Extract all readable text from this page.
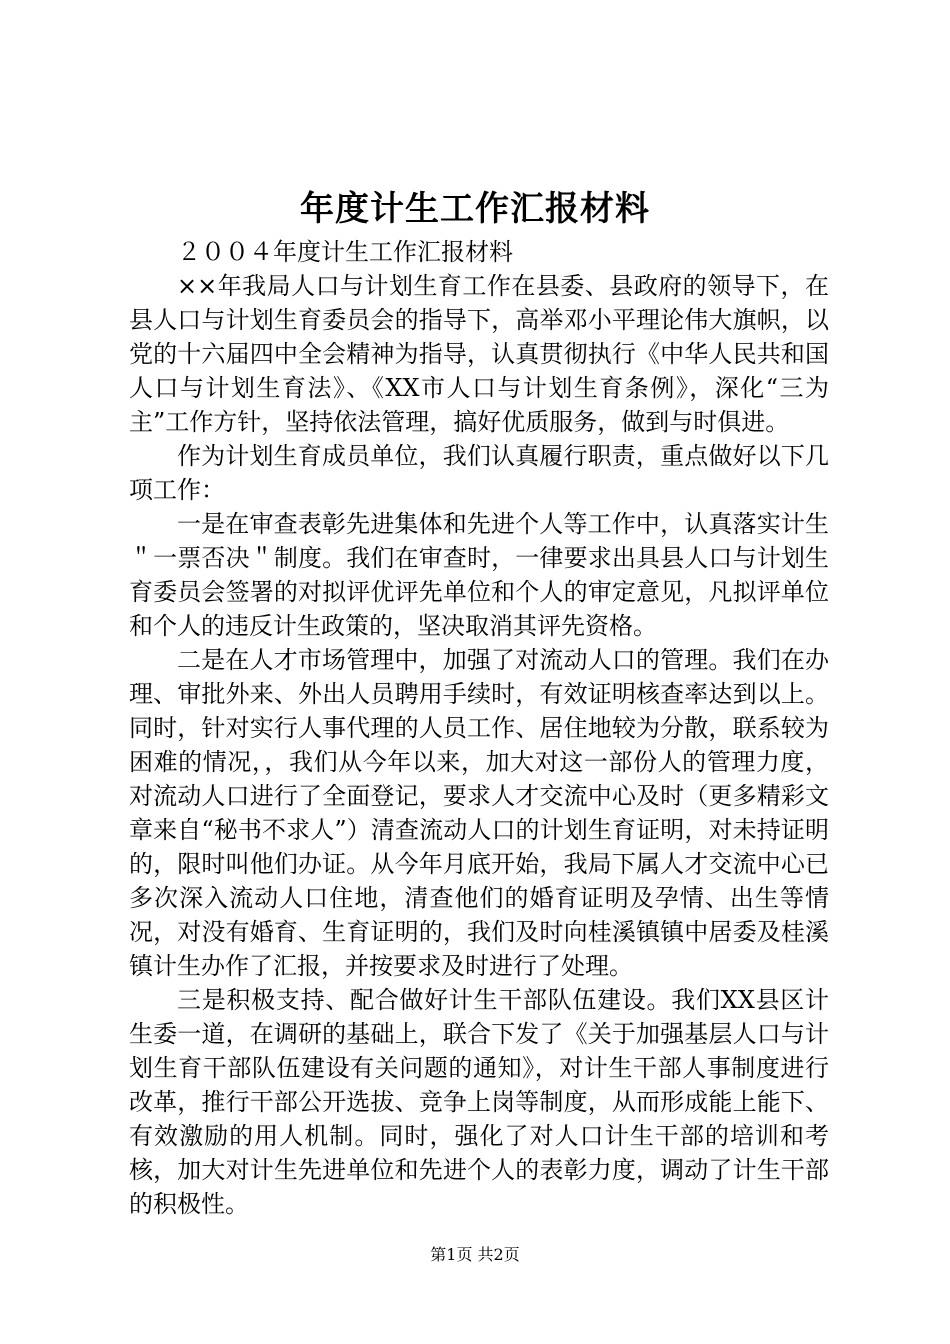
年度计生工作汇报材料

２００４年度计生工作汇报材料

××年我局人口与计划生育工作在县委、县政府的领导下，在县人口与计划生育委员会的指导下，高举邓小平理论伟大旗帜，以党的十六届四中全会精神为指导，认真贯彻执行《中华人民共和国人口与计划生育法》、《XX市人口与计划生育条例》，深化“三为主”工作方针，坚持依法管理，搞好优质服务，做到与时俱进。

作为计划生育成员单位，我们认真履行职责，重点做好以下几项工作：

一是在审查表彰先进集体和先进个人等工作中，认真落实计生＂一票否决＂制度。我们在审查时，一律要求出具县人口与计划生育委员会签署的对拟评优评先单位和个人的审定意见，凡拟评单位和个人的违反计生政策的，坚决取消其评先资格。

二是在人才市场管理中，加强了对流动人口的管理。我们在办理、审批外来、外出人员聘用手续时，有效证明核查率达到以上。同时，针对实行人事代理的人员工作、居住地较为分散，联系较为困难的情况，，我们从今年以来，加大对这一部份人的管理力度，对流动人口进行了全面登记，要求人才交流中心及时（更多精彩文章来自“秘书不求人”）清查流动人口的计划生育证明，对未持证明的，限时叫他们办证。从今年月底开始，我局下属人才交流中心已多次深入流动人口住地，清查他们的婚育证明及孕情、出生等情况，对没有婚育、生育证明的，我们及时向桂溪镇镇中居委及桂溪镇计生办作了汇报，并按要求及时进行了处理。

三是积极支持、配合做好计生干部队伍建设。我们XX县区计生委一道，在调研的基础上，联合下发了《关于加强基层人口与计划生育干部队伍建设有关问题的通知》，对计生干部人事制度进行改革，推行干部公开选拔、竞争上岗等制度，从而形成能上能下、有效激励的用人机制。同时，强化了对人口计生干部的培训和考核，加大对计生先进单位和先进个人的表彰力度，调动了计生干部的积极性。

第1页 共2页
